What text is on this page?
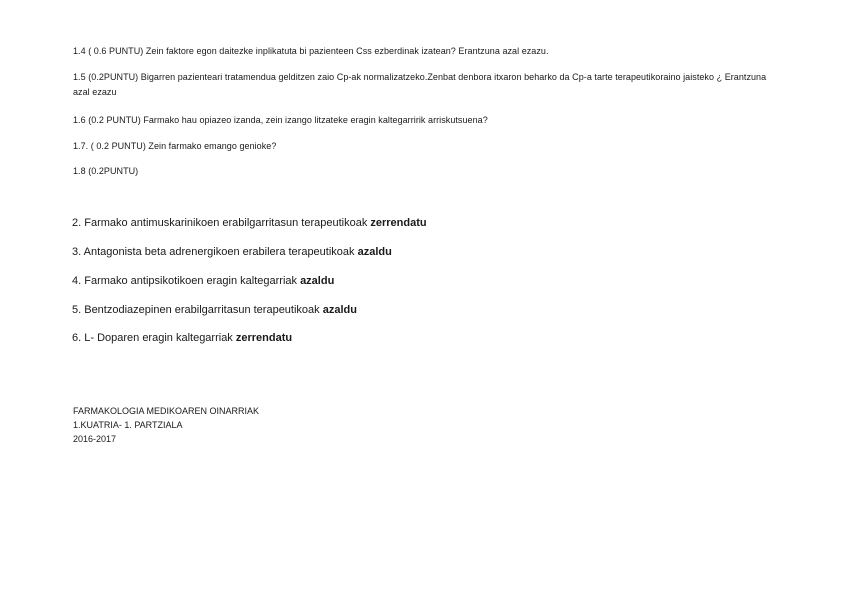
1.4 ( 0.6 PUNTU) Zein faktore egon daitezke inplikatuta bi pazienteen Css ezberdinak izatean? Erantzuna azal ezazu.
1.5 (0.2PUNTU) Bigarren pazienteari tratamendua gelditzen zaio Cp-ak normalizatzeko.Zenbat denbora itxaron beharko da Cp-a tarte terapeutikoraino jaisteko ¿ Erantzuna azal ezazu
1.6 (0.2 PUNTU) Farmako hau opiazeo izanda, zein izango litzateke eragin kaltegarririk arriskutsuena?
1.7. ( 0.2 PUNTU) Zein farmako emango genioke?
1.8 (0.2PUNTU)
2. Farmako antimuskarinikoen erabilgarritasun terapeutikoak zerrendatu
3. Antagonista beta adrenergikoen erabilera terapeutikoak azaldu
4. Farmako antipsikotikoen eragin kaltegarriak azaldu
5. Bentzodiazepinen erabilgarritasun terapeutikoak azaldu
6. L- Doparen eragin kaltegarriak zerrendatu
FARMAKOLOGIA MEDIKOAREN OINARRIAK
1.KUATRIA- 1. PARTZIALA
2016-2017
